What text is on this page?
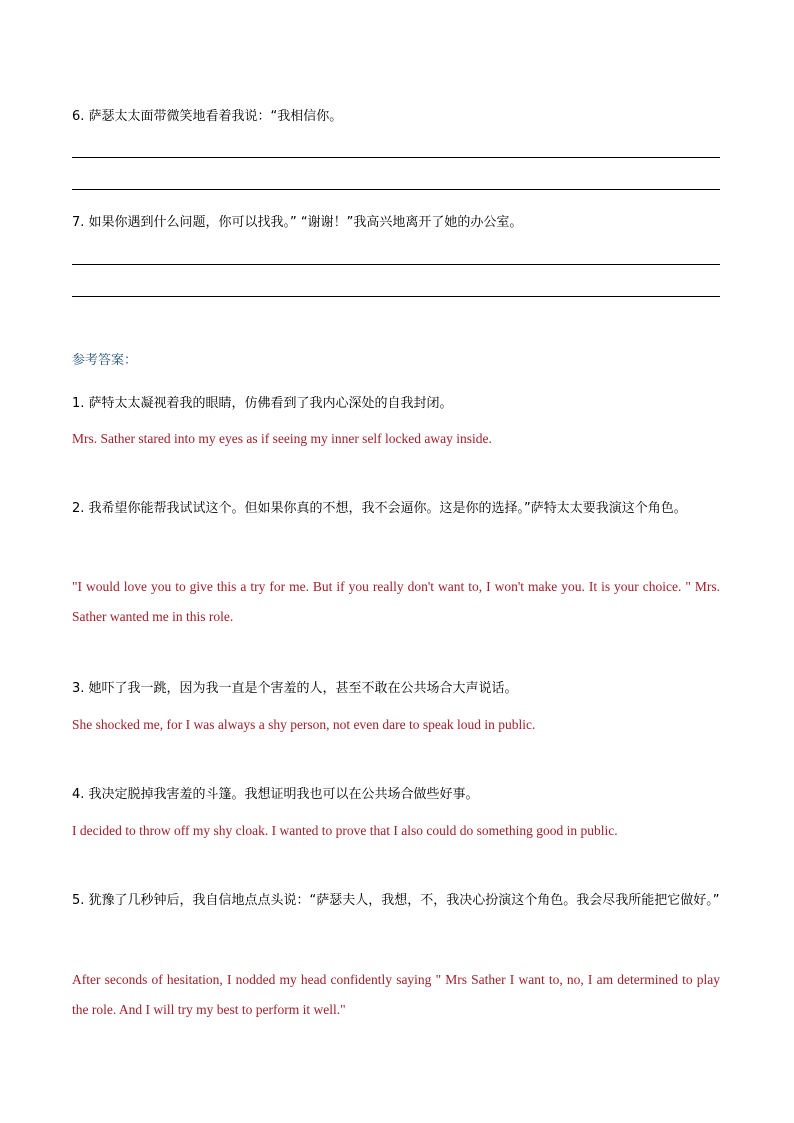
6. 萨瑟太太面带微笑地看着我说：“我相信你。
7. 如果你遇到什么问题，你可以找我。” “谢谢！”我高兴地离开了她的办公室。
参考答案：
1. 萨特太太凝视着我的眼睛，仿佛看到了我内心深处的自我封闭。
Mrs. Sather stared into my eyes as if seeing my inner self locked away inside.
2. 我希望你能帮我试试这个。但如果你真的不想，我不会逼你。这是你的选择。”萨特太太要我演这个角色。
"I would love you to give this a try for me. But if you really don't want to, I won't make you. It is your choice. " Mrs. Sather wanted me in this role.
3. 她吓了我一跳，因为我一直是个害羞的人，甚至不敢在公共场合大声说话。
She shocked me, for I was always a shy person, not even dare to speak loud in public.
4. 我决定脱掉我害羞的斗篷。我想证明我也可以在公共场合做些好事。
I decided to throw off my shy cloak. I wanted to prove that I also could do something good in public.
5. 犹豫了几秒钟后，我自信地点点头说：“萨瑟夫人，我想，不，我决心扮演这个角色。我会尽我所能把它做好。”
After seconds of hesitation, I nodded my head confidently saying " Mrs Sather I want to, no, I am determined to play the role. And I will try my best to perform it well."
